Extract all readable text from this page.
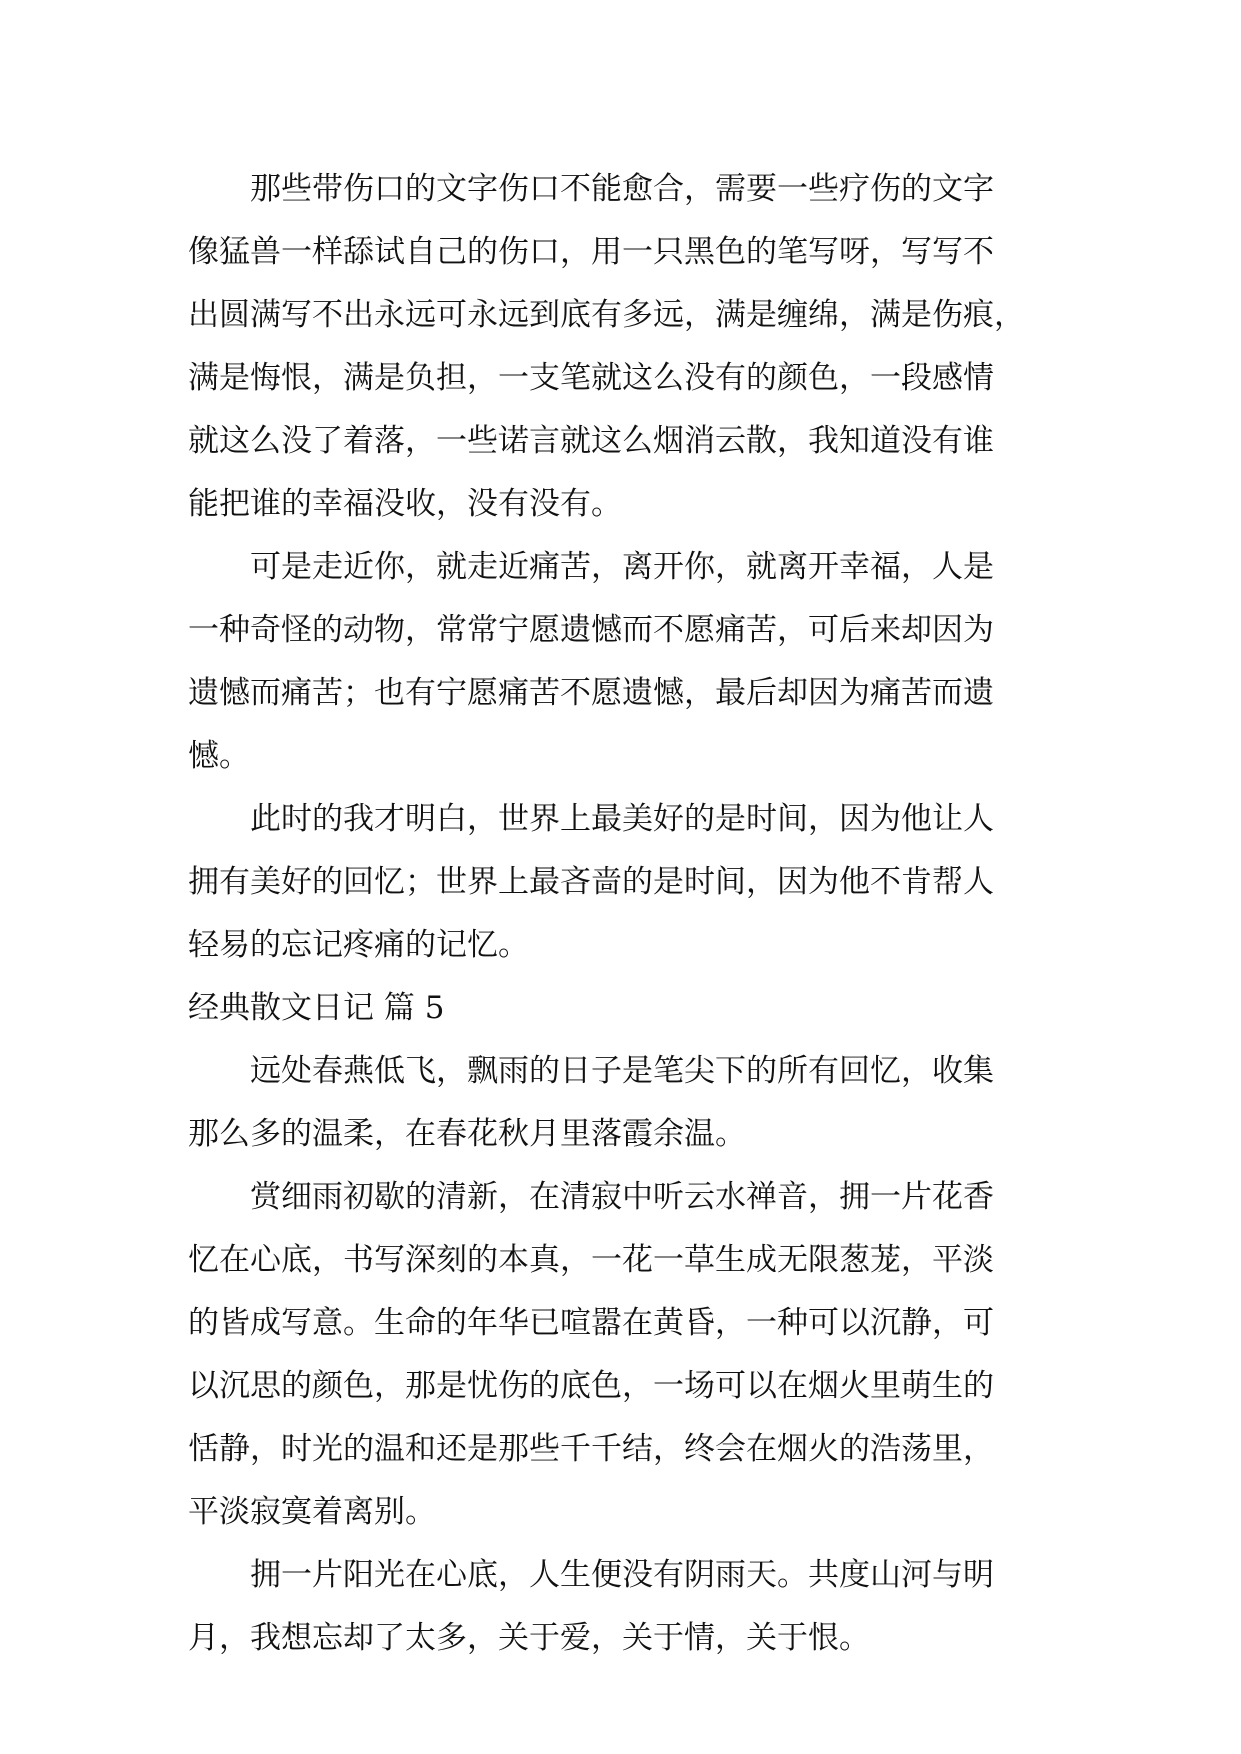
那些带伤口的文字伤口不能愈合，需要一些疗伤的文字
像猛兽一样舔试自己的伤口，用一只黑色的笔写呀，写写不
出圆满写不出永远可永远到底有多远，满是缠绵，满是伤痕，
满是悔恨，满是负担，一支笔就这么没有的颜色，一段感情
就这么没了着落，一些诺言就这么烟消云散，我知道没有谁
能把谁的幸福没收，没有没有。
可是走近你，就走近痛苦，离开你，就离开幸福，人是
一种奇怪的动物，常常宁愿遗憾而不愿痛苦，可后来却因为
遗憾而痛苦；也有宁愿痛苦不愿遗憾，最后却因为痛苦而遗
憾。
此时的我才明白，世界上最美好的是时间，因为他让人
拥有美好的回忆；世界上最吝啬的是时间，因为他不肯帮人
轻易的忘记疼痛的记忆。
经典散文日记 篇 5
远处春燕低飞，飘雨的日子是笔尖下的所有回忆，收集
那么多的温柔，在春花秋月里落霞余温。
赏细雨初歇的清新，在清寂中听云水禅音，拥一片花香
忆在心底，书写深刻的本真，一花一草生成无限葱茏，平淡
的皆成写意。生命的年华已喧嚣在黄昏，一种可以沉静，可
以沉思的颜色，那是忧伤的底色，一场可以在烟火里萌生的
恬静，时光的温和还是那些千千结，终会在烟火的浩荡里，
平淡寂寞着离别。
拥一片阳光在心底，人生便没有阴雨天。共度山河与明
月，我想忘却了太多，关于爱，关于情，关于恨。
